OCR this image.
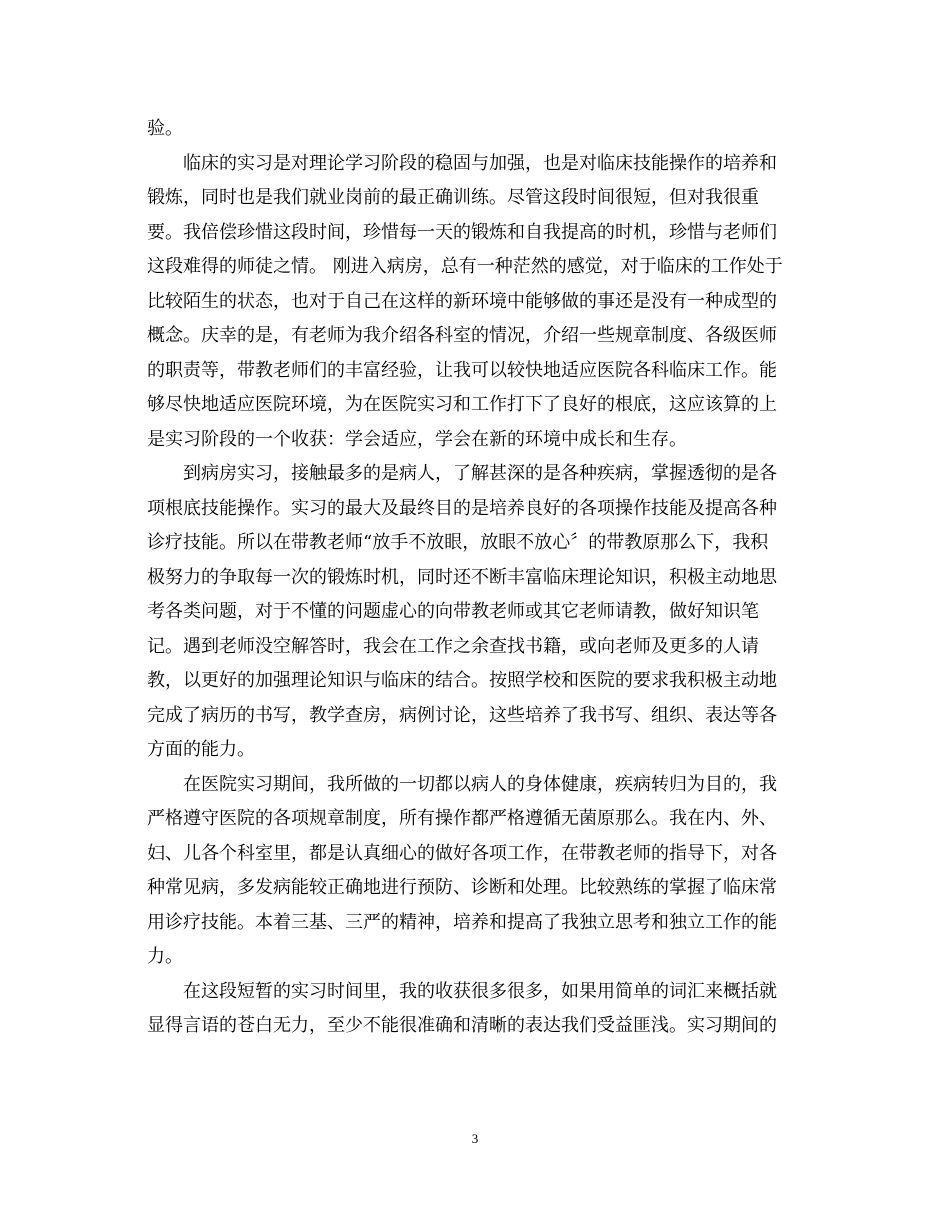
验。
　　临床的实习是对理论学习阶段的稳固与加强，也是对临床技能操作的培养和
锻炼，同时也是我们就业岗前的最正确训练。尽管这段时间很短，但对我很重
要。我倍偿珍惜这段时间，珍惜每一天的锻炼和自我提高的时机，珍惜与老师们
这段难得的师徒之情。 刚进入病房，总有一种茫然的感觉，对于临床的工作处于
比较陌生的状态，也对于自己在这样的新环境中能够做的事还是没有一种成型的
概念。庆幸的是，有老师为我介绍各科室的情况，介绍一些规章制度、各级医师
的职责等，带教老师们的丰富经验，让我可以较快地适应医院各科临床工作。能
够尽快地适应医院环境，为在医院实习和工作打下了良好的根底，这应该算的上
是实习阶段的一个收获：学会适应，学会在新的环境中成长和生存。
　　到病房实习，接触最多的是病人，了解甚深的是各种疾病，掌握透彻的是各
项根底技能操作。实习的最大及最终目的是培养良好的各项操作技能及提高各种
诊疗技能。所以在带教老师“放手不放眼，放眼不放心〞的带教原那么下，我积
极努力的争取每一次的锻炼时机，同时还不断丰富临床理论知识，积极主动地思
考各类问题，对于不懂的问题虚心的向带教老师或其它老师请教，做好知识笔
记。遇到老师没空解答时，我会在工作之余查找书籍，或向老师及更多的人请
教，以更好的加强理论知识与临床的结合。按照学校和医院的要求我积极主动地
完成了病历的书写，教学查房，病例讨论，这些培养了我书写、组织、表达等各
方面的能力。
　　在医院实习期间，我所做的一切都以病人的身体健康，疾病转归为目的，我
严格遵守医院的各项规章制度，所有操作都严格遵循无菌原那么。我在内、外、
妇、儿各个科室里，都是认真细心的做好各项工作，在带教老师的指导下，对各
种常见病，多发病能较正确地进行预防、诊断和处理。比较熟练的掌握了临床常
用诊疗技能。本着三基、三严的精神，培养和提高了我独立思考和独立工作的能
力。
　　在这段短暂的实习时间里，我的收获很多很多，如果用简单的词汇来概括就
显得言语的苍白无力，至少不能很准确和清晰的表达我们受益匪浅。实习期间的
3
